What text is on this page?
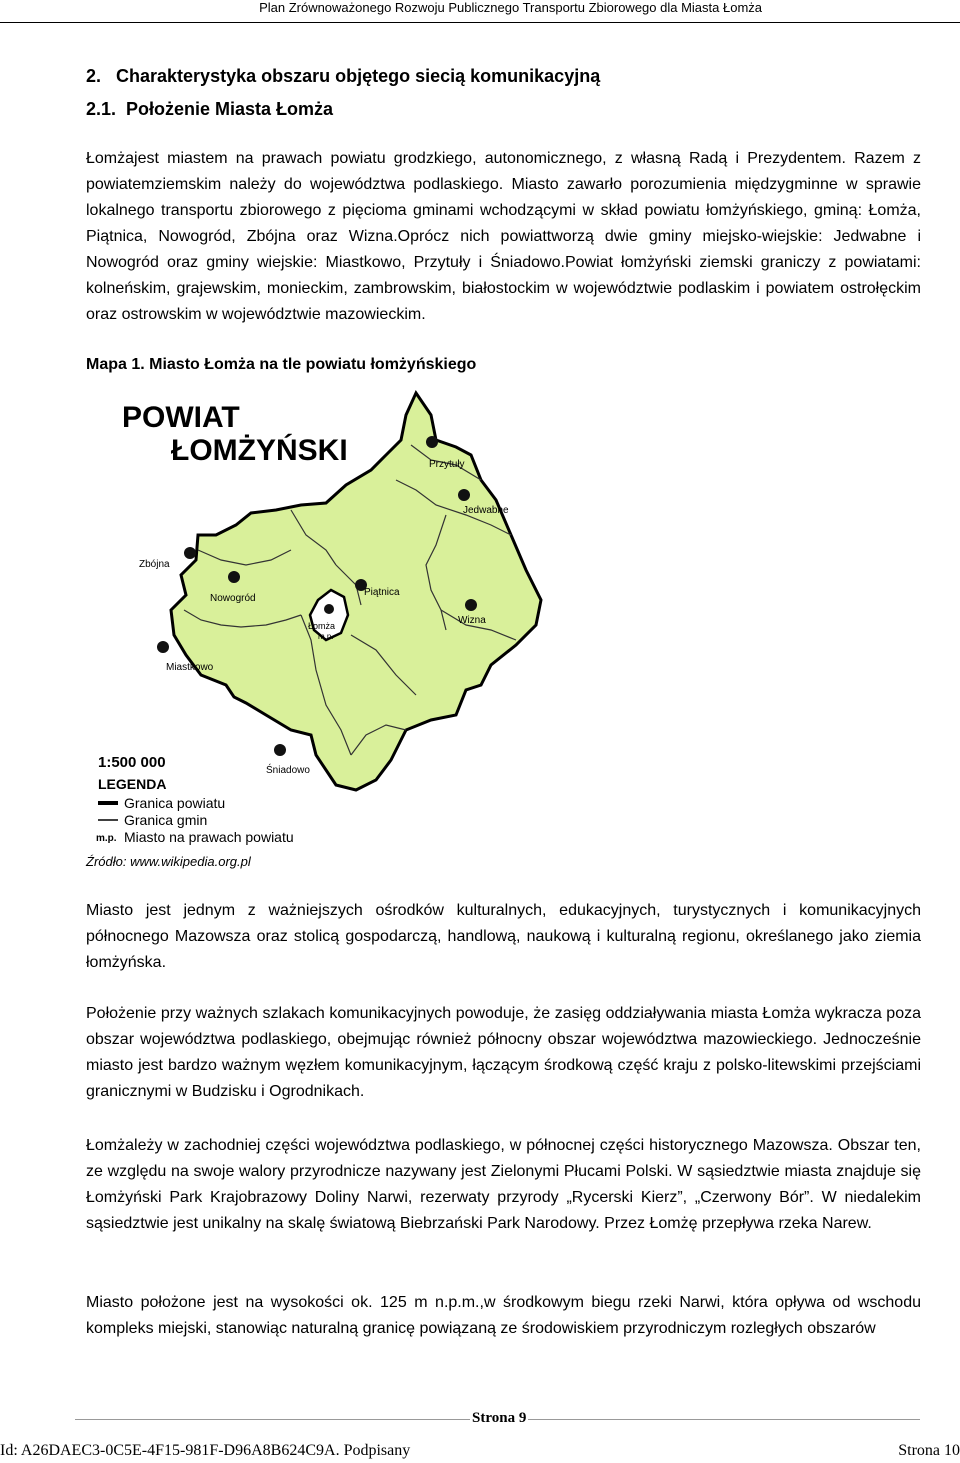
Plan Zrównoważonego Rozwoju Publicznego Transportu Zbiorowego dla Miasta Łomża
2.   Charakterystyka obszaru objętego siecią komunikacyjną
2.1.  Położenie Miasta Łomża
Łomżajest miastem na prawach powiatu grodzkiego, autonomicznego, z własną Radą i Prezydentem. Razem z powiatemziemskim należy do województwa podlaskiego. Miasto zawarło porozumienia międzygminne w sprawie lokalnego transportu zbiorowego z pięcioma gminami wchodzącymi w skład powiatu łomżyńskiego, gminą: Łomża, Piątnica, Nowogród, Zbójna oraz Wizna.Oprócz nich powiattworzą dwie gminy miejsko-wiejskie: Jedwabne i Nowogród oraz gminy wiejskie: Miastkowo, Przytuły i Śniadowo.Powiat łomżyński ziemski graniczy z powiatami: kolneńskim, grajewskim, monieckim, zambrowskim, białostockim w województwie podlaskim i powiatem ostrołęckim oraz ostrowskim w województwie mazowieckim.
Mapa 1. Miasto Łomża na tle powiatu łomżyńskiego
Przytuły
Jedwabne
Zbójna
Nowogród
Piątnica
Wizna
Łomża
m.p.
Miastkowo
Śniadowo
POWIAT
ŁOMŻYŃSKI
1:500 000
LEGENDA
Granica powiatu
Granica gmin
m.p. Miasto na prawach powiatu
Źródło: www.wikipedia.org.pl
Miasto jest jednym z ważniejszych ośrodków kulturalnych, edukacyjnych, turystycznych i komunikacyjnych północnego Mazowsza oraz stolicą gospodarczą, handlową, naukową i kulturalną regionu, określanego jako ziemia łomżyńska.
Położenie przy ważnych szlakach komunikacyjnych powoduje, że zasięg oddziaływania miasta Łomża wykracza poza obszar województwa podlaskiego, obejmując również północny obszar województwa mazowieckiego. Jednocześnie miasto jest bardzo ważnym węzłem komunikacyjnym, łączącym środkową część kraju z polsko-litewskimi przejściami granicznymi w Budzisku i Ogrodnikach.
Łomżależy w zachodniej części województwa podlaskiego, w północnej części historycznego Mazowsza. Obszar ten, ze względu na swoje walory przyrodnicze nazywany jest Zielonymi Płucami Polski. W sąsiedztwie miasta znajduje się Łomżyński Park Krajobrazowy Doliny Narwi, rezerwaty przyrody „Rycerski Kierz”, „Czerwony Bór”. W niedalekim sąsiedztwie jest unikalny na skalę światową Biebrzański Park Narodowy. Przez Łomżę przepływa rzeka Narew.
Miasto położone jest na wysokości ok. 125 m n.p.m.,w środkowym biegu rzeki Narwi, która opływa od wschodu kompleks miejski, stanowiąc naturalną granicę powiązaną ze środowiskiem przyrodniczym rozległych obszarów
Strona 9
Id: A26DAEC3-0C5E-4F15-981F-D96A8B624C9A. Podpisany	Strona 10
